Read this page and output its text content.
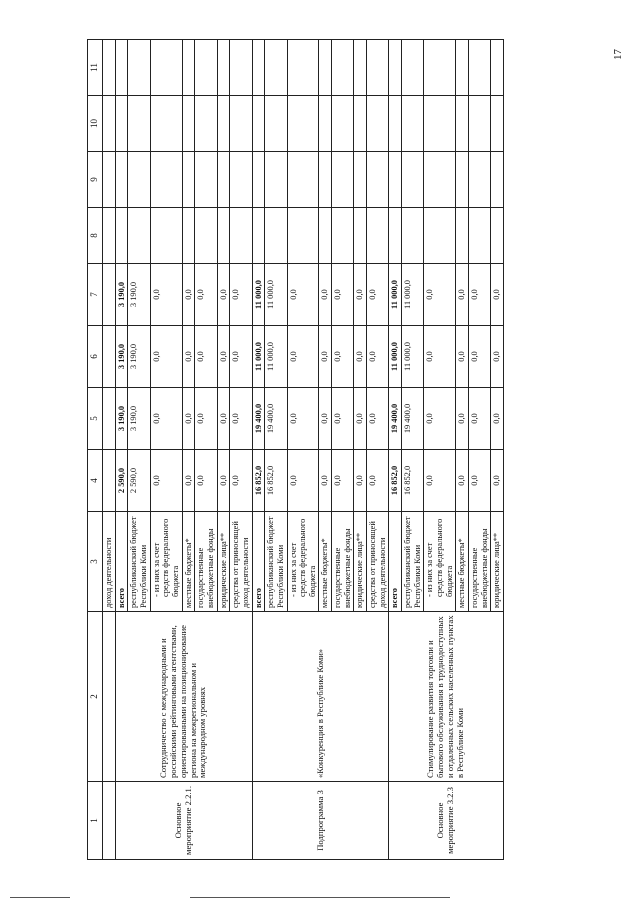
1	2	3	4	5	6	7	8	9	10	11
		доход деятельности								
Основное мероприятие 2.2.1.	Сотрудничество с международными и российскими рейтинговыми агентствами, ориентированными на позиционирование региона на межрегиональном и международном уровнях	всего	2 590,0	3 190,0	3 190,0	3 190,0				
		республиканский бюджет Республики Коми	2 590,0	3 190,0	3 190,0	3 190,0				
		- из них за счет средств федерального бюджета	0,0	0,0	0,0	0,0				
		местные бюджеты*	0,0	0,0	0,0	0,0				
		государственные внебюджетные фонды	0,0	0,0	0,0	0,0				
		юридические лица**	0,0	0,0	0,0	0,0				
		средства от приносящей доход деятельности	0,0	0,0	0,0	0,0				
Подпрограмма 3	«Конкуренция в Республике Коми»	всего	16 852,0	19 400,0	11 000,0	11 000,0				
		республиканский бюджет Республики Коми	16 852,0	19 400,0	11 000,0	11 000,0				
		- из них за счет средств федерального бюджета	0,0	0,0	0,0	0,0				
		местные бюджеты*	0,0	0,0	0,0	0,0				
		государственные внебюджетные фонды	0,0	0,0	0,0	0,0				
		юридические лица**	0,0	0,0	0,0	0,0				
		средства от приносящей доход деятельности	0,0	0,0	0,0	0,0				
Основное мероприятие 3.2.3	Стимулирование развития торговли и бытового обслуживания в труднодоступных и отдаленных сельских населенных пунктах в Республике Коми	всего	16 852,0	19 400,0	11 000,0	11 000,0				
		республиканский бюджет Республики Коми	16 852,0	19 400,0	11 000,0	11 000,0				
		- из них за счет средств федерального бюджета	0,0	0,0	0,0	0,0				
		местные бюджеты*	0,0	0,0	0,0	0,0				
		государственные внебюджетные фонды	0,0	0,0	0,0	0,0				
		юридические лица**	0,0	0,0	0,0	0,0				
17
